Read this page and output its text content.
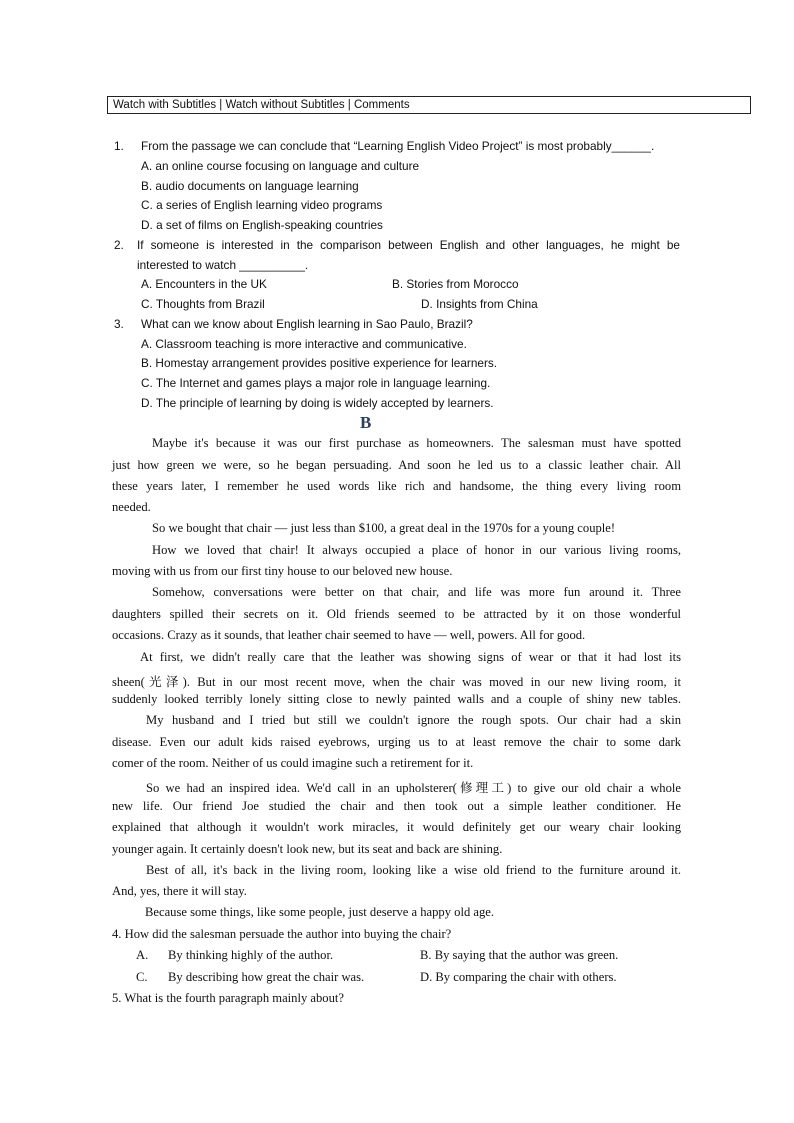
Watch with Subtitles | Watch without Subtitles | Comments
1. From the passage we can conclude that “Learning English Video Project” is most probably______.
A. an online course focusing on language and culture
B. audio documents on language learning
C. a series of English learning video programs
D. a set of films on English-speaking countries
2. If someone is interested in the comparison between English and other languages, he might be
interested to watch __________.
A. Encounters in the UK	B. Stories from Morocco
C. Thoughts from Brazil	D. Insights from China
3. What can we know about English learning in Sao Paulo, Brazil?
A. Classroom teaching is more interactive and communicative.
B. Homestay arrangement provides positive experience for learners.
C. The Internet and games plays a major role in language learning.
D. The principle of learning by doing is widely accepted by learners.
B
Maybe it's because it was our first purchase as homeowners. The salesman must have spotted
just how green we were, so he began persuading. And soon he led us to a classic leather chair. All
these years later, I remember he used words like rich and handsome, the thing every living room
needed.
So we bought that chair — just less than $100, a great deal in the 1970s for a young couple!
How we loved that chair! It always occupied a place of honor in our various living rooms,
moving with us from our first tiny house to our beloved new house.
Somehow, conversations were better on that chair, and life was more fun around it. Three
daughters spilled their secrets on it. Old friends seemed to be attracted by it on those wonderful
occasions. Crazy as it sounds, that leather chair seemed to have — well, powers. All for good.
At first, we didn't really care that the leather was showing signs of wear or that it had lost its
sheen(光泽). But in our most recent move, when the chair was moved in our new living room, it
suddenly looked terribly lonely sitting close to newly painted walls and a couple of shiny new tables.
My husband and I tried but still we couldn't ignore the rough spots. Our chair had a skin
disease. Even our adult kids raised eyebrows, urging us to at least remove the chair to some dark
comer of the room. Neither of us could imagine such a retirement for it.
So we had an inspired idea. We'd call in an upholsterer(修理工) to give our old chair a whole
new life. Our friend Joe studied the chair and then took out a simple leather conditioner. He
explained that although it wouldn't work miracles, it would definitely get our weary chair looking
younger again. It certainly doesn't look new, but its seat and back are shining.
Best of all, it's back in the living room, looking like a wise old friend to the furniture around it.
And, yes, there it will stay.
Because some things, like some people, just deserve a happy old age.
4. How did the salesman persuade the author into buying the chair?
A. By thinking highly of the author.	B. By saying that the author was green.
C. By describing how great the chair was.	D. By comparing the chair with others.
5. What is the fourth paragraph mainly about?
